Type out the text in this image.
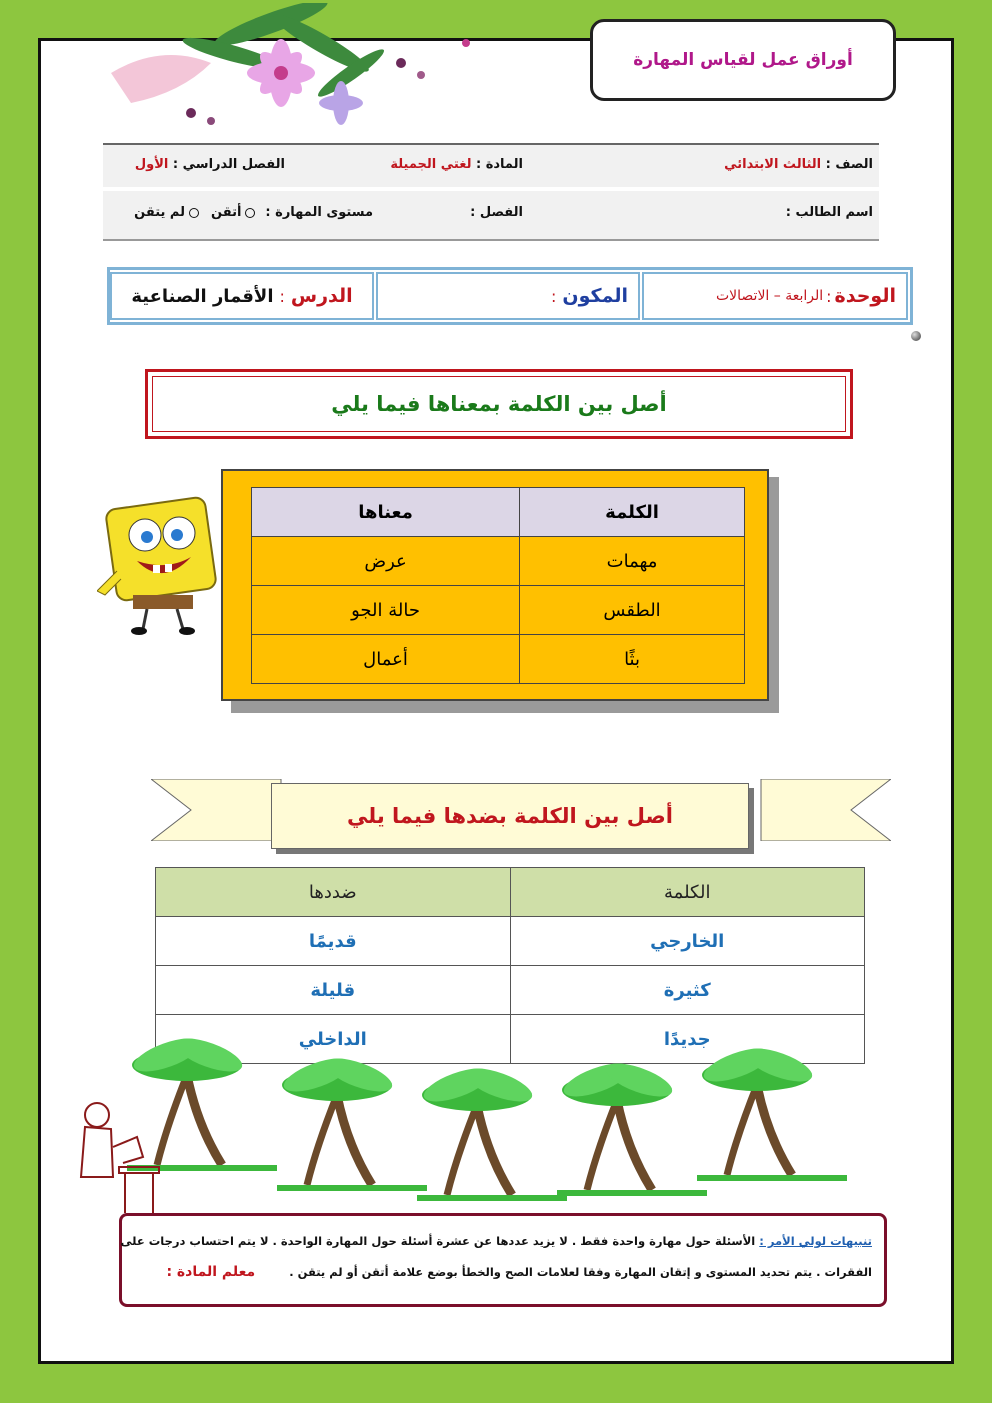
أوراق عمل لقياس المهارة
الصف : الثالث الابتدائي
المادة : لغتي الجميلة
الفصل الدراسي : الأول
اسم الطالب :
الفصل :
مستوى المهارة :
أتقن
لم يتقن
الوحدة
:
الرابعة – الاتصالات
المكون
:
الدرس
:
الأقمار الصناعية
أصل بين الكلمة بمعناها فيما يلي
الكلمة	معناها
مهمات	عرض
الطقس	حالة الجو
بثًا	أعمال
أصل بين الكلمة بضدها فيما يلي
الكلمة	ضددها
الخارجي	قديمًا
كثيرة	قليلة
جديدًا	الداخلي
تنبيهات لولي الأمر : الأسئلة حول مهارة واحدة فقط . لا يزيد عددها عن عشرة أسئلة حول المهارة الواحدة . لا يتم احتساب درجات على
الفقرات . يتم تحديد المستوى و إتقان المهارة وفقا لعلامات الصح والخطأ بوضع علامة أتقن أو لم يتقن . معلم المادة :
